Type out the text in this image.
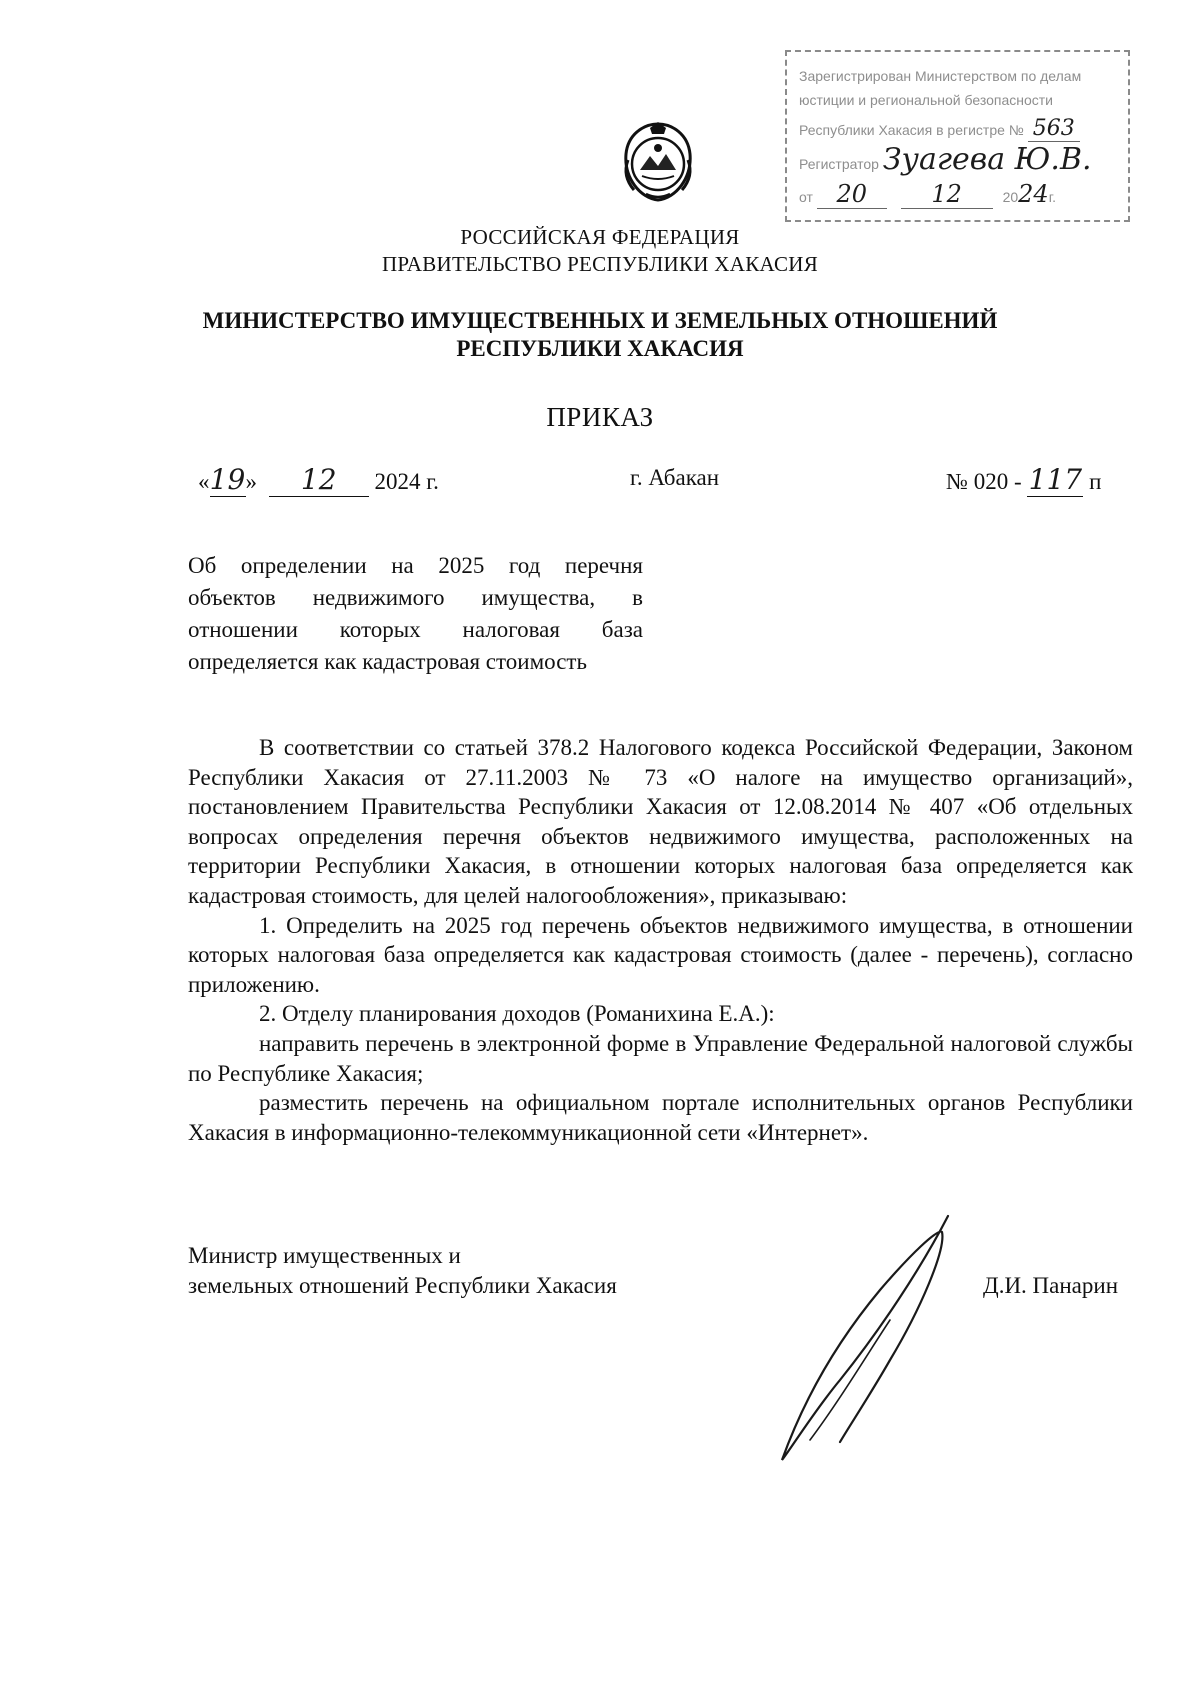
Зарегистрирован Министерством по делам
юстиции и региональной безопасности
Республики Хакасия в регистре № 563
Регистратор Зуагева Ю.В.
от 20	12	2024г.
РОССИЙСКАЯ ФЕДЕРАЦИЯ
ПРАВИТЕЛЬСТВО РЕСПУБЛИКИ ХАКАСИЯ
МИНИСТЕРСТВО ИМУЩЕСТВЕННЫХ И ЗЕМЕЛЬНЫХ ОТНОШЕНИЙ
РЕСПУБЛИКИ ХАКАСИЯ
ПРИКАЗ
«19» 12 2024 г.	г. Абакан	№ 020 - 117 п
Об определении на 2025 год перечня
объектов недвижимого имущества, в
отношении которых налоговая база
определяется как кадастровая стоимость

В соответствии со статьей 378.2 Налогового кодекса Российской Федерации, Законом Республики Хакасия от 27.11.2003 № 73 «О налоге на имущество организаций», постановлением Правительства Республики Хакасия от 12.08.2014 № 407 «Об отдельных вопросах определения перечня объектов недвижимого имущества, расположенных на территории Республики Хакасия, в отношении которых налоговая база определяется как кадастровая стоимость, для целей налогообложения», приказываю:

1. Определить на 2025 год перечень объектов недвижимого имущества, в отношении которых налоговая база определяется как кадастровая стоимость (далее - перечень), согласно приложению.

2. Отделу планирования доходов (Романихина Е.А.):

направить перечень в электронной форме в Управление Федеральной налоговой службы по Республике Хакасия;

разместить перечень на официальном портале исполнительных органов Республики Хакасия в информационно-телекоммуникационной сети «Интернет».

Министр имущественных и
земельных отношений Республики Хакасия	Д.И. Панарин
